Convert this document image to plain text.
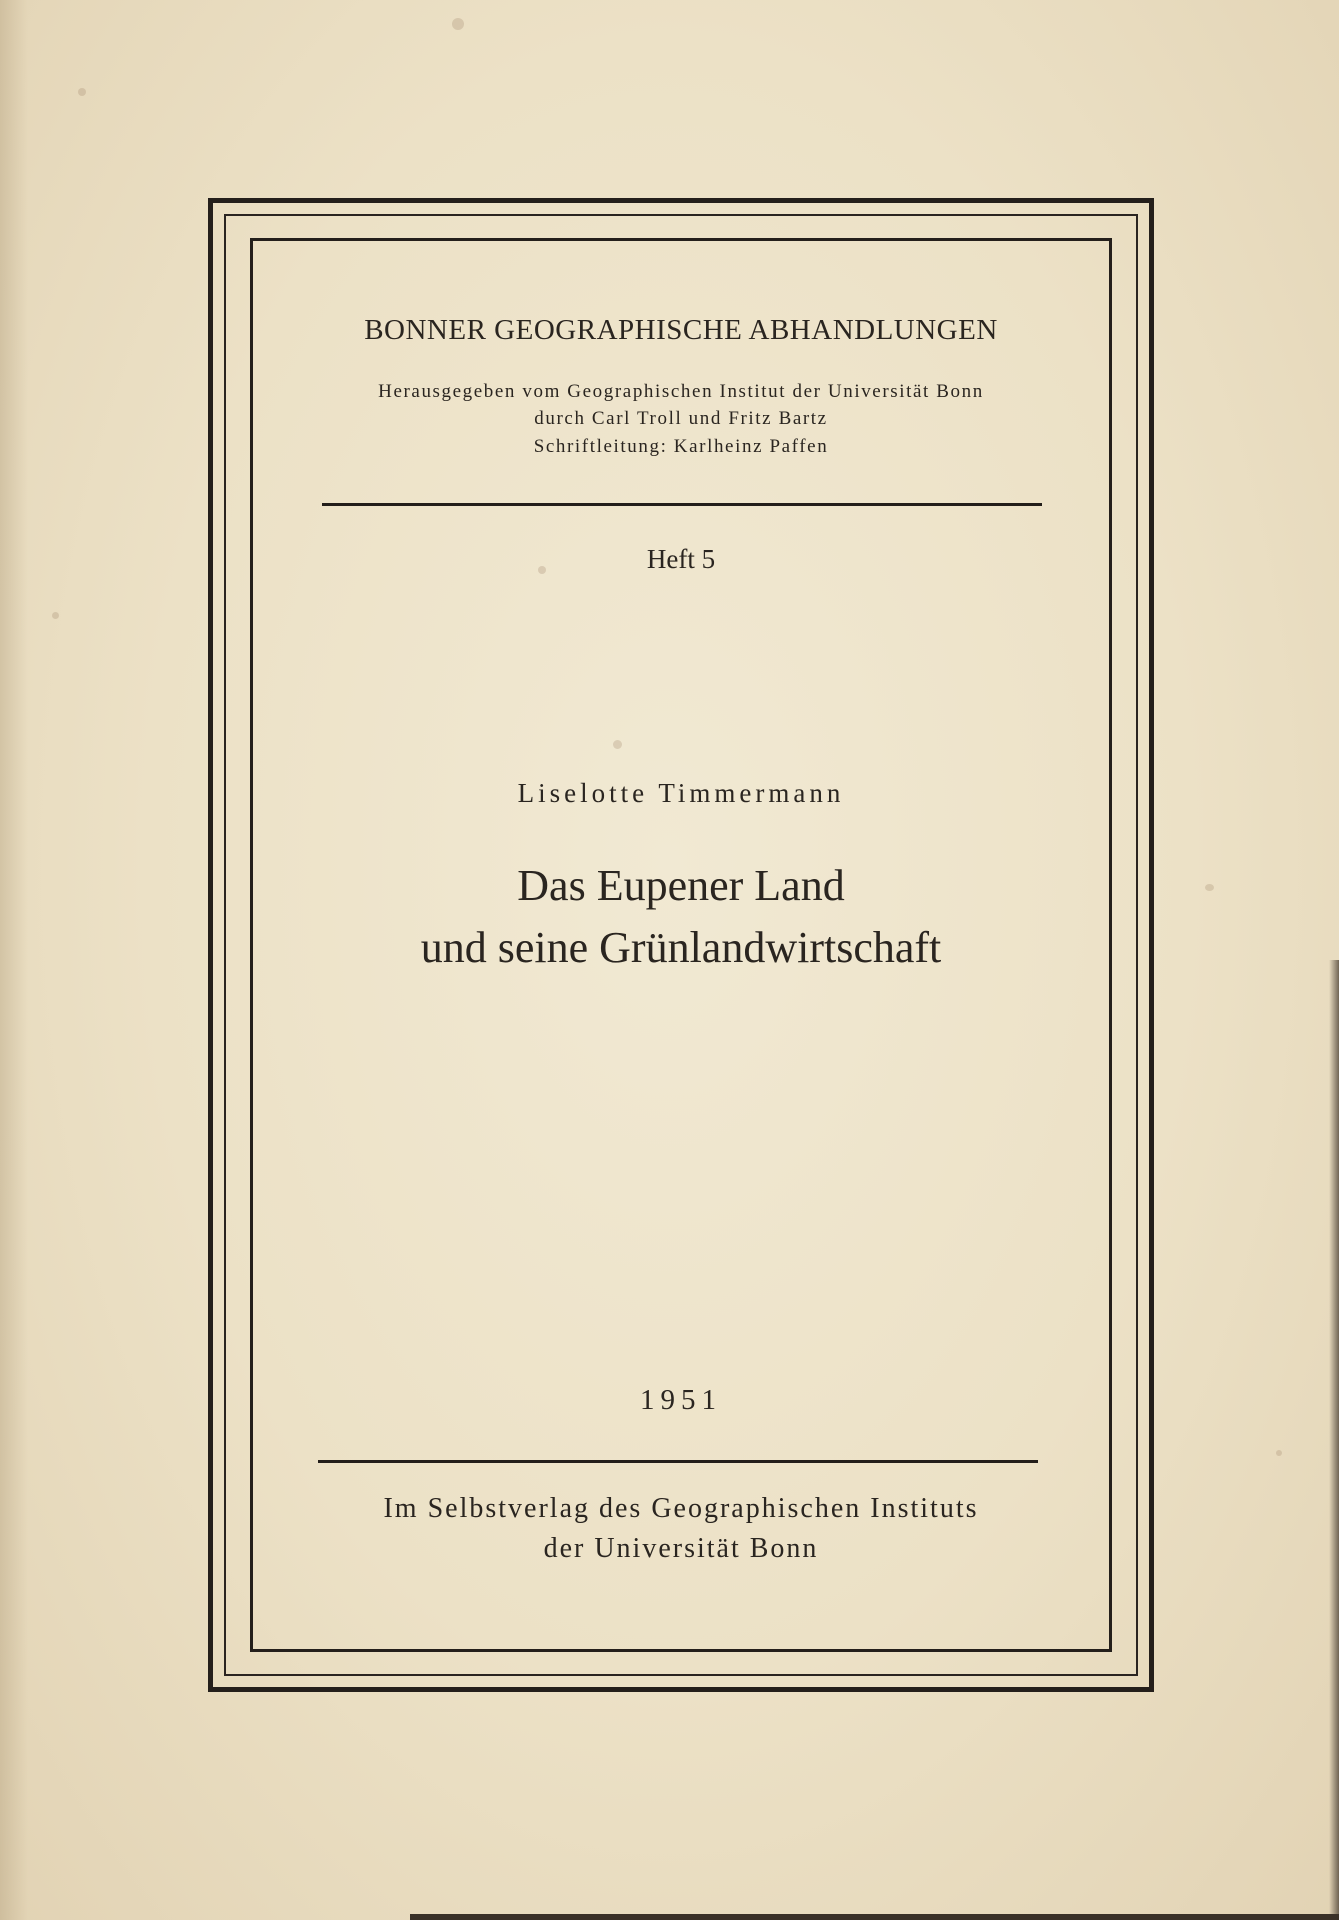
BONNER GEOGRAPHISCHE ABHANDLUNGEN
Herausgegeben vom Geographischen Institut der Universität Bonn
durch Carl Troll und Fritz Bartz
Schriftleitung: Karlheinz Paffen
Heft 5
Liselotte Timmermann
Das Eupener Land
und seine Grünlandwirtschaft
1951
Im Selbstverlag des Geographischen Instituts
der Universität Bonn
